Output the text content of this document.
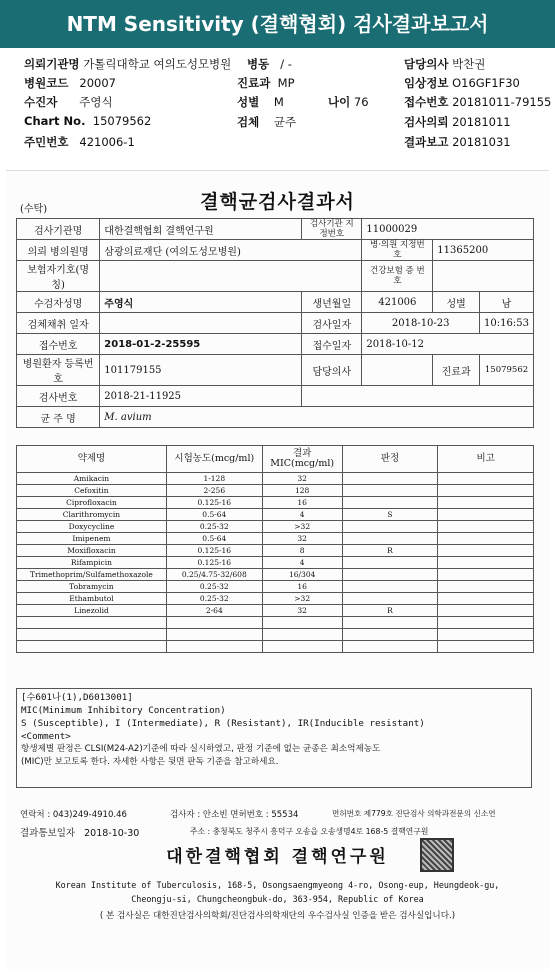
NTM Sensitivity (결핵협회) 검사결과보고서
의뢰기관명 가톨릭대학교 여의도성모병원 병동 / -	담당의사 박찬권
병원코드 20007	진료과 MP	임상정보 O16GF1F30
수진자 주영식	성별 M	나이 76	접수번호 20181011-79155
Chart No. 15079562	검체 균주	검사의뢰 20181011
주민번호 421006-1	결과보고 20181031
(수탁)	결핵균검사결과서
검사기관명	대한결핵협회 결핵연구원	검사기관 지정번호	11000029		
의뢰 병의원명	삼광의료재단 (여의도성모병원)		병·의원 지정번호	11365200	
보험자기호(명칭)			건강보험 증 번 호		
수검자성명	주영식	생년월일	421006	성별	남
검체채취 일자		검사일자	2018-10-23		10:16:53
접수번호	2018-01-2-25595	접수일자	2018-10-12		
병원환자 등록번호	101179155	담당의사		진료과	15079562
검사번호	2018-21-11925				
균 주 명	M. avium				
약제명	시험농도(mcg/ml)	결과 MIC(mcg/ml)	판정	비고
Amikacin	1-128	32		
Cefoxitin	2-256	128		
Ciprofloxacin	0.125-16	16		
Clarithromycin	0.5-64	4	S	
Doxycycline	0.25-32	>32		
Imipenem	0.5-64	32		
Moxifloxacin	0.125-16	8	R	
Rifampicin	0.125-16	4		
Trimethoprim/Sulfamethoxazole	0.25/4.75-32/608	16/304		
Tobramycin	0.25-32	16		
Ethambutol	0.25-32	>32		
Linezolid	2-64	32	R	

[수601나(1),D6013001]
MIC(Minimum Inhibitory Concentration)
S (Susceptible), I (Intermediate), R (Resistant), IR(Inducible resistant)
<Comment>
항생제별 판정은 CLSI(M24-A2)기준에 따라 실시하였고, 판정 기준에 없는 균종은 최소억제농도
(MIC)만 보고토록 한다. 자세한 사항은 뒷면 판독 기준을 참고하세요.
연락처 : 043)249-4910.46	검사자 : 안소빈 면허번호 : 55534	면허번호 제779호 진단검사 의학과전문의 신소연
결과통보일자 2018-10-30	주소 : 충청북도 청주시 흥덕구 오송읍 오송생명4로 168-5 결핵연구원
대한결핵협회 결핵연구원
Korean Institute of Tuberculosis, 168-5, Osongsaengmyeong 4-ro, Osong-eup, Heungdeok-gu,
Cheongju-si, Chungcheongbuk-do, 363-954, Republic of Korea
( 본 검사실은 대한진단검사의학회/진단검사의학재단의 우수검사실 인증을 받은 검사실입니다.)
